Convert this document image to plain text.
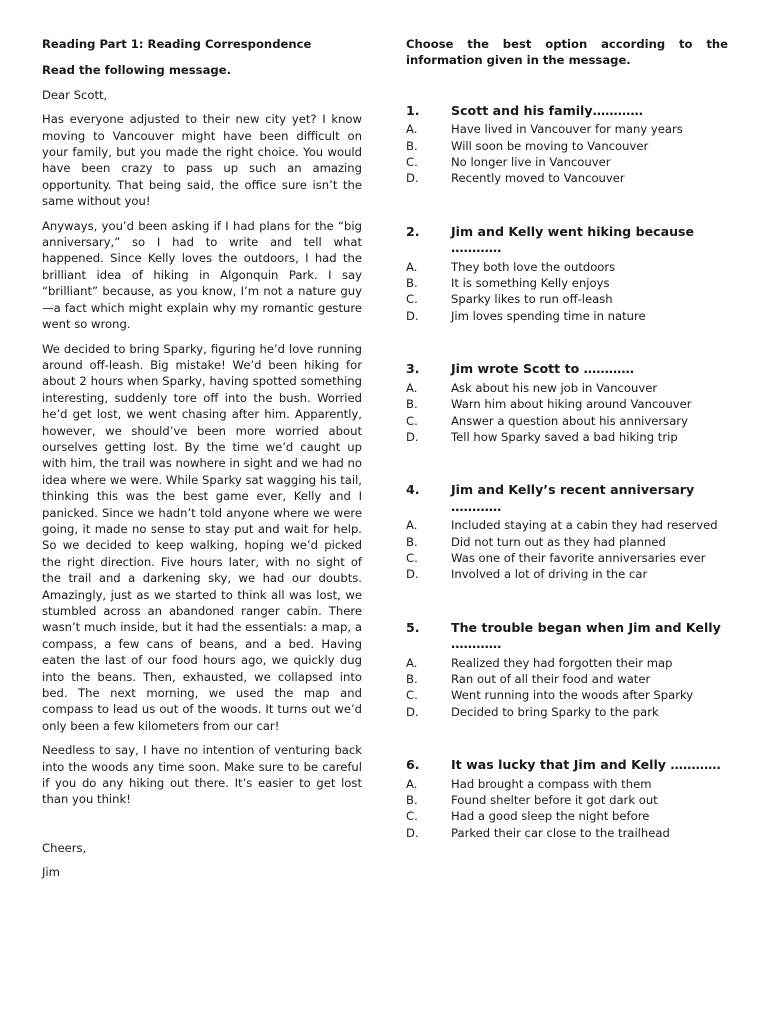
Reading Part 1: Reading Correspondence

Read the following message.

Dear Scott,

Has everyone adjusted to their new city yet? I know moving to Vancouver might have been difficult on your family, but you made the right choice. You would have been crazy to pass up such an amazing opportunity. That being said, the office sure isn’t the same without you!

Anyways, you’d been asking if I had plans for the “big anniversary,” so I had to write and tell what happened. Since Kelly loves the outdoors, I had the brilliant idea of hiking in Algonquin Park. I say “brilliant” because, as you know, I’m not a nature guy—a fact which might explain why my romantic gesture went so wrong.

We decided to bring Sparky, figuring he’d love running around off-leash. Big mistake! We’d been hiking for about 2 hours when Sparky, having spotted something interesting, suddenly tore off into the bush. Worried he’d get lost, we went chasing after him. Apparently, however, we should’ve been more worried about ourselves getting lost. By the time we’d caught up with him, the trail was nowhere in sight and we had no idea where we were. While Sparky sat wagging his tail, thinking this was the best game ever, Kelly and I panicked. Since we hadn’t told anyone where we were going, it made no sense to stay put and wait for help. So we decided to keep walking, hoping we’d picked the right direction. Five hours later, with no sight of the trail and a darkening sky, we had our doubts. Amazingly, just as we started to think all was lost, we stumbled across an abandoned ranger cabin. There wasn’t much inside, but it had the essentials: a map, a compass, a few cans of beans, and a bed. Having eaten the last of our food hours ago, we quickly dug into the beans. Then, exhausted, we collapsed into bed. The next morning, we used the map and compass to lead us out of the woods. It turns out we’d only been a few kilometers from our car!

Needless to say, I have no intention of venturing back into the woods any time soon. Make sure to be careful if you do any hiking out there. It’s easier to get lost than you think!

Cheers,

Jim

Choose the best option according to the information given in the message.

1.	Scott and his family…………
A.	Have lived in Vancouver for many years
B.	Will soon be moving to Vancouver
C.	No longer live in Vancouver
D.	Recently moved to Vancouver
2.	Jim and Kelly went hiking because …………
A.	They both love the outdoors
B.	It is something Kelly enjoys
C.	Sparky likes to run off-leash
D.	Jim loves spending time in nature
3.	Jim wrote Scott to …………
A.	Ask about his new job in Vancouver
B.	Warn him about hiking around Vancouver
C.	Answer a question about his anniversary
D.	Tell how Sparky saved a bad hiking trip
4.	Jim and Kelly’s recent anniversary …………
A.	Included staying at a cabin they had reserved
B.	Did not turn out as they had planned
C.	Was one of their favorite anniversaries ever
D.	Involved a lot of driving in the car
5.	The trouble began when Jim and Kelly …………
A.	Realized they had forgotten their map
B.	Ran out of all their food and water
C.	Went running into the woods after Sparky
D.	Decided to bring Sparky to the park
6.	It was lucky that Jim and Kelly …………
A.	Had brought a compass with them
B.	Found shelter before it got dark out
C.	Had a good sleep the night before
D.	Parked their car close to the trailhead
